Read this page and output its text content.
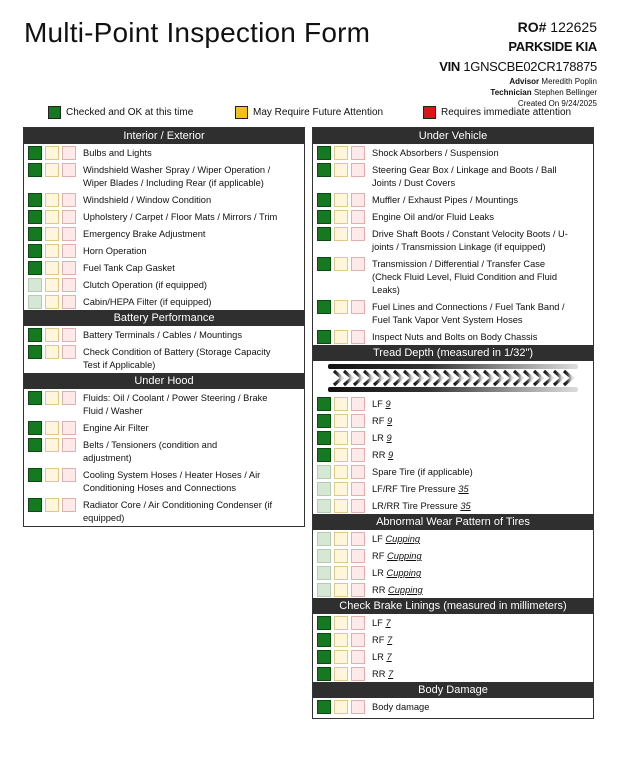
Multi-Point Inspection Form	RO# 122625
PARKSIDE KIA
VIN 1GNSCBE02CR178875
Advisor Meredith Poplin
Technician Stephen Bellinger
Created On 9/24/2025
Checked and OK at this time	May Require Future Attention	Requires immediate attention
Interior / Exterior
Bulbs and Lights
Windshield Washer Spray / Wiper Operation / Wiper Blades / Including Rear (if applicable)
Windshield / Window Condition
Upholstery / Carpet / Floor Mats / Mirrors / Trim
Emergency Brake Adjustment
Horn Operation
Fuel Tank Cap Gasket
Clutch Operation (if equipped)
Cabin/HEPA Filter (if equipped)
Battery Performance
Battery Terminals / Cables / Mountings
Check Condition of Battery (Storage Capacity Test if Applicable)
Under Hood
Fluids: Oil / Coolant / Power Steering / Brake Fluid / Washer
Engine Air Filter
Belts / Tensioners (condition and adjustment)
Cooling System Hoses / Heater Hoses / Air Conditioning Hoses and Connections
Radiator Core / Air Conditioning Condenser (if equipped)
Under Vehicle
Shock Absorbers / Suspension
Steering Gear Box / Linkage and Boots / Ball Joints / Dust Covers
Muffler / Exhaust Pipes / Mountings
Engine Oil and/or Fluid Leaks
Drive Shaft Boots / Constant Velocity Boots / U-joints / Transmission Linkage (if equipped)
Transmission / Differential / Transfer Case (Check Fluid Level, Fluid Condition and Fluid Leaks)
Fuel Lines and Connections / Fuel Tank Band / Fuel Tank Vapor Vent System Hoses
Inspect Nuts and Bolts on Body Chassis
Tread Depth (measured in 1/32")
LF 9
RF 9
LR 9
RR 9
Spare Tire (if applicable)
LF/RF Tire Pressure 35
LR/RR Tire Pressure 35
Abnormal Wear Pattern of Tires
LF Cupping
RF Cupping
LR Cupping
RR Cupping
Check Brake Linings (measured in millimeters)
LF 7
RF 7
LR 7
RR 7
Body Damage
Body damage
